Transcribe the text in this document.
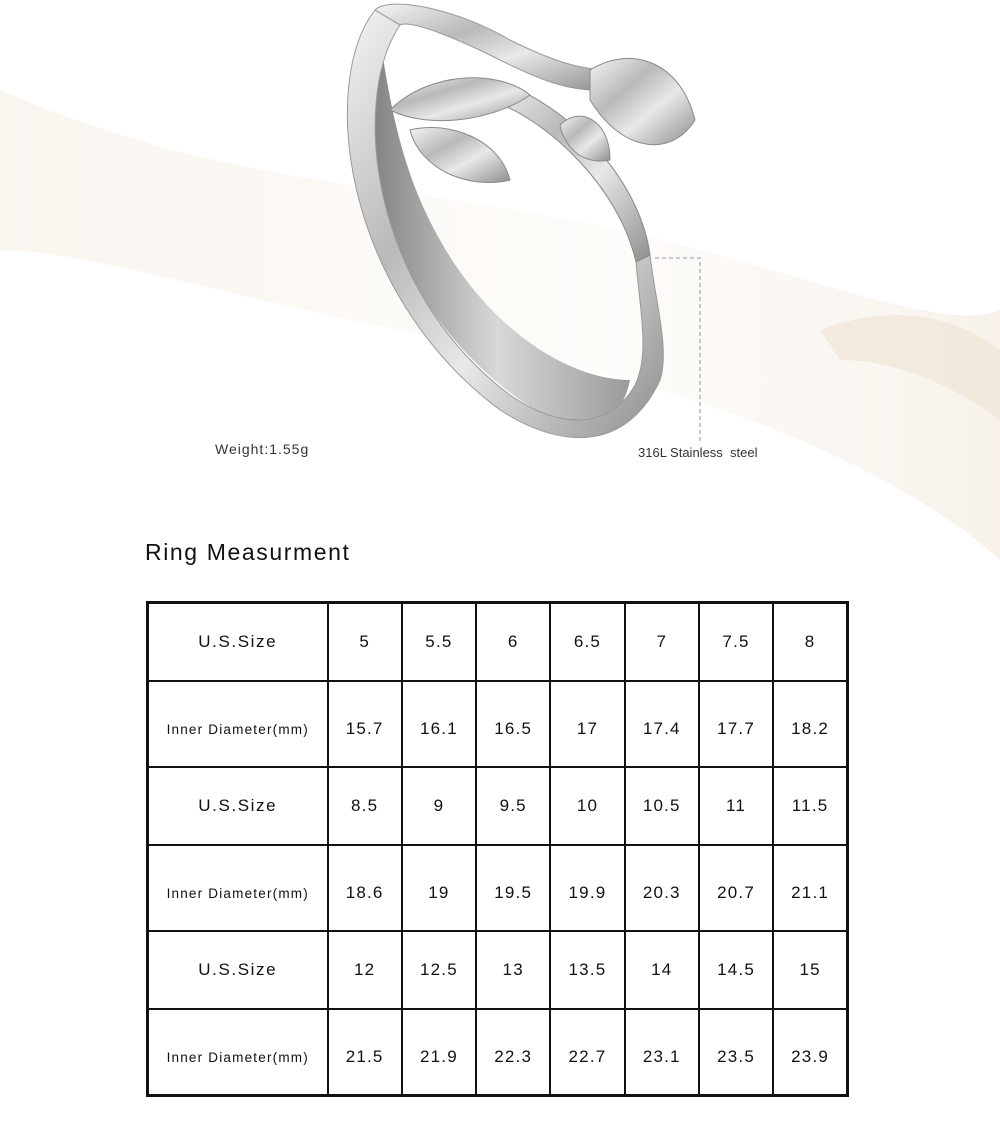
Weight:1.55g	316L Stainless  steel
Ring Measurment
U.S.Size	5	5.5	6	6.5	7	7.5	8
Inner Diameter(mm)	15.7	16.1	16.5	17	17.4	17.7	18.2
U.S.Size	8.5	9	9.5	10	10.5	11	11.5
Inner Diameter(mm)	18.6	19	19.5	19.9	20.3	20.7	21.1
U.S.Size	12	12.5	13	13.5	14	14.5	15
Inner Diameter(mm)	21.5	21.9	22.3	22.7	23.1	23.5	23.9
